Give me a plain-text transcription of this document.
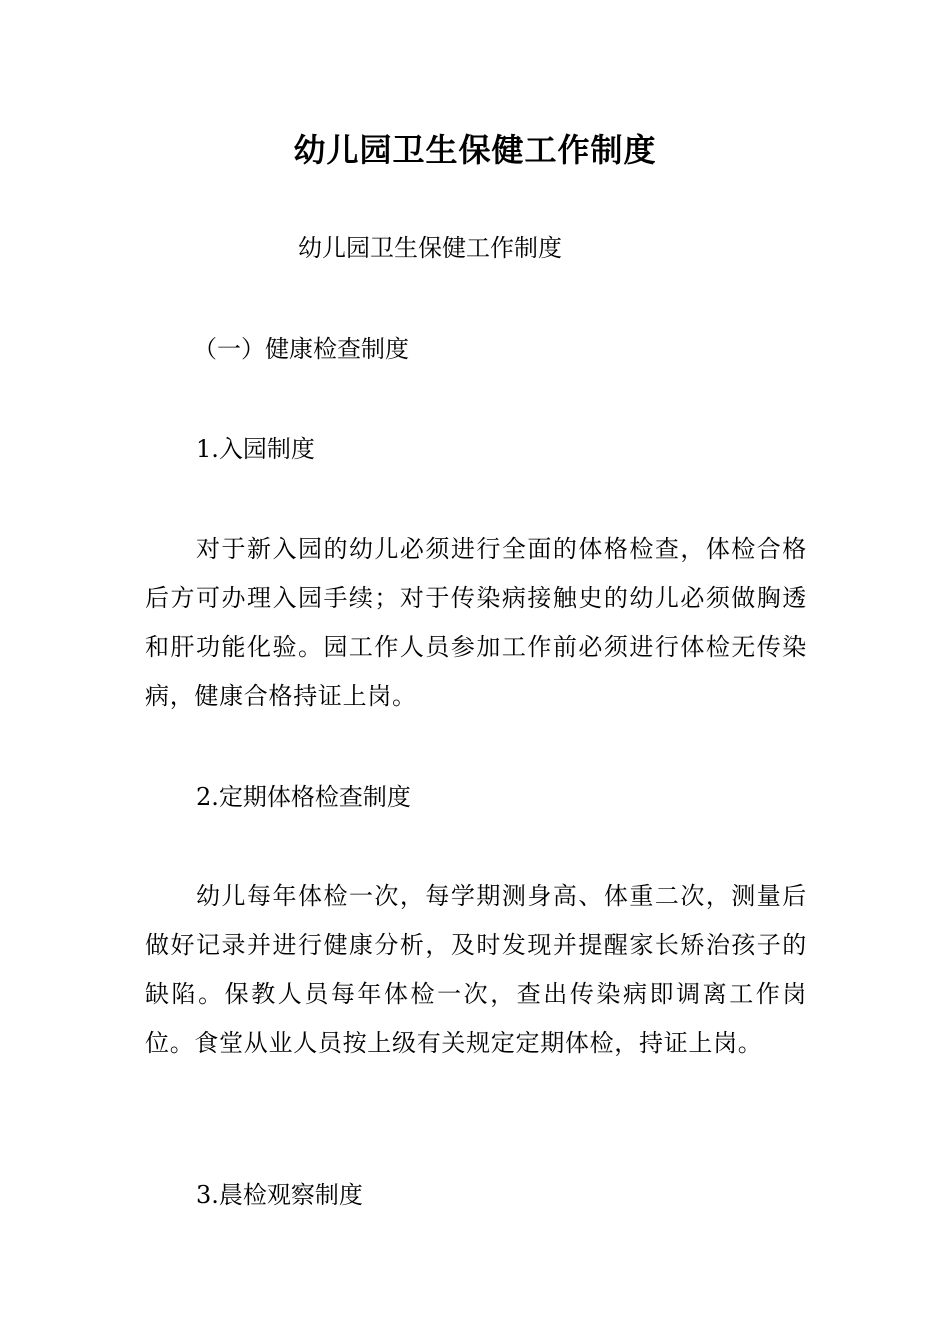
幼儿园卫生保健工作制度

幼儿园卫生保健工作制度

（一）健康检查制度

1.入园制度

对于新入园的幼儿必须进行全面的体格检查，体检合格后方可办理入园手续；对于传染病接触史的幼儿必须做胸透和肝功能化验。园工作人员参加工作前必须进行体检无传染病，健康合格持证上岗。

2.定期体格检查制度

幼儿每年体检一次，每学期测身高、体重二次，测量后做好记录并进行健康分析，及时发现并提醒家长矫治孩子的缺陷。保教人员每年体检一次，查出传染病即调离工作岗位。食堂从业人员按上级有关规定定期体检，持证上岗。

3.晨检观察制度
